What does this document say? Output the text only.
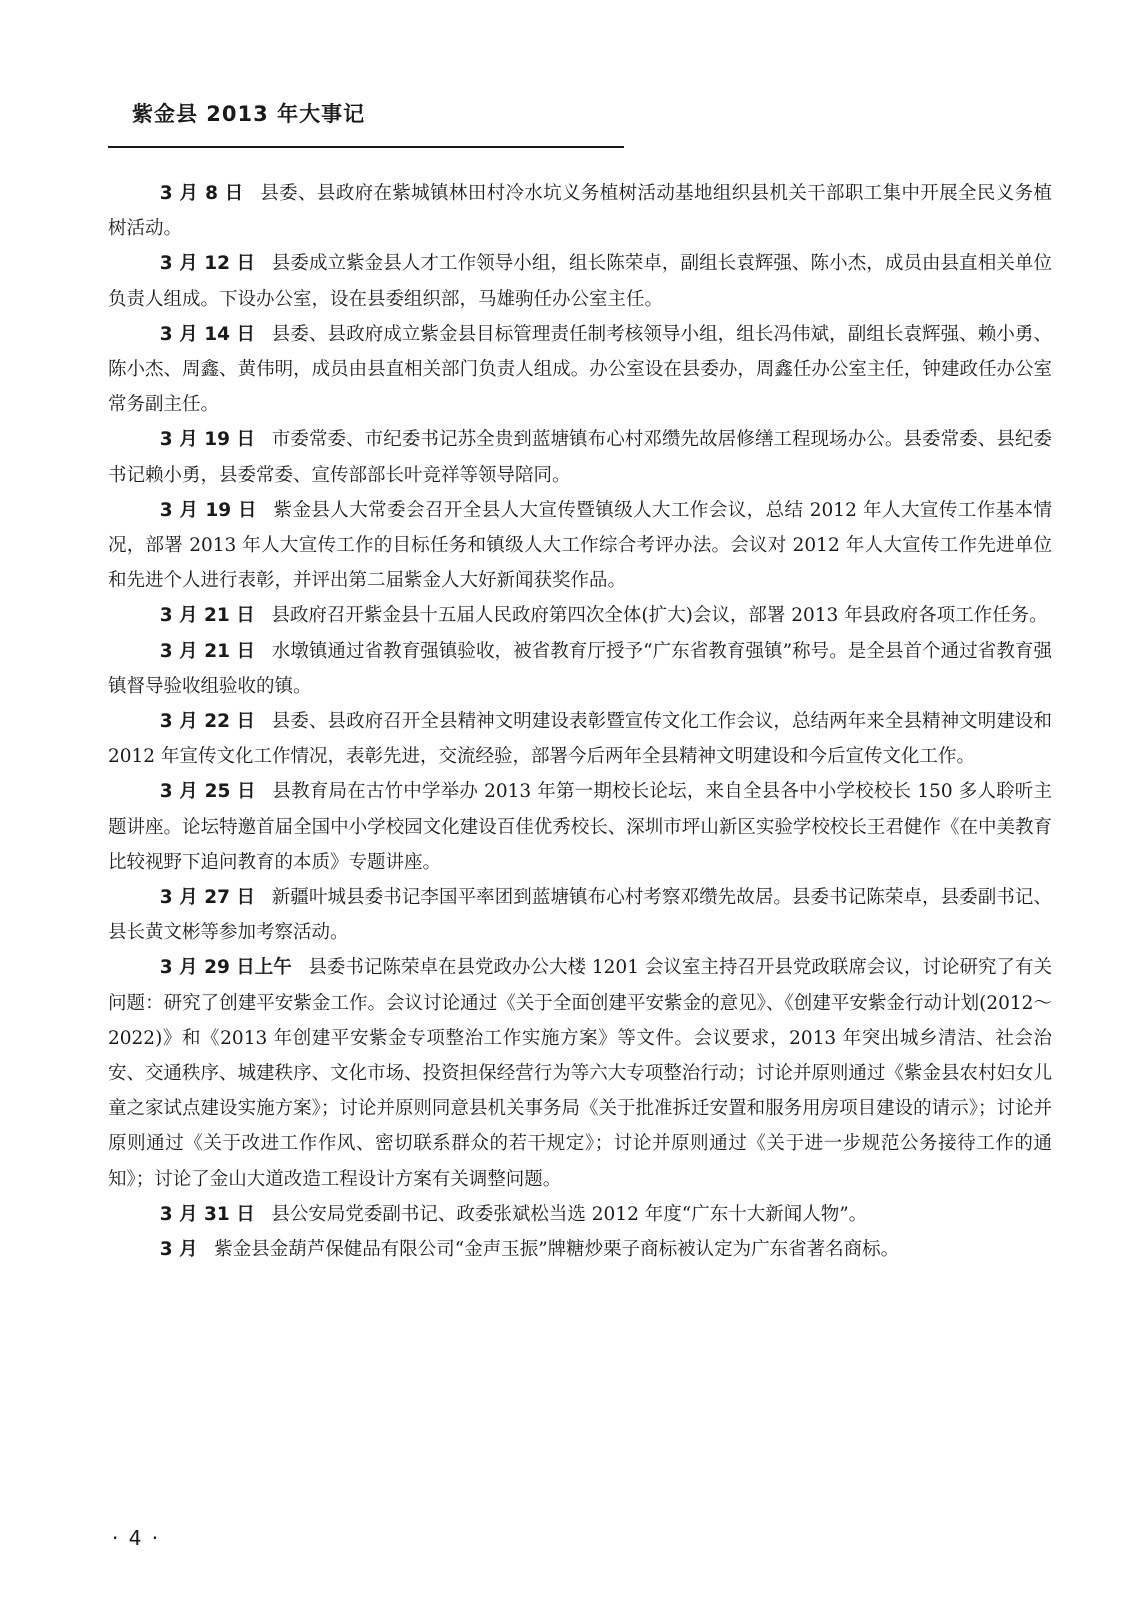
紫金县 2013 年大事记

3 月 8 日 县委、县政府在紫城镇林田村冷水坑义务植树活动基地组织县机关干部职工集中开展全民义务植树活动。

3 月 12 日 县委成立紫金县人才工作领导小组，组长陈荣卓，副组长袁辉强、陈小杰，成员由县直相关单位负责人组成。下设办公室，设在县委组织部，马雄驹任办公室主任。

3 月 14 日 县委、县政府成立紫金县目标管理责任制考核领导小组，组长冯伟斌，副组长袁辉强、赖小勇、陈小杰、周鑫、黄伟明，成员由县直相关部门负责人组成。办公室设在县委办，周鑫任办公室主任，钟建政任办公室常务副主任。

3 月 19 日 市委常委、市纪委书记苏全贵到蓝塘镇布心村邓缵先故居修缮工程现场办公。县委常委、县纪委书记赖小勇，县委常委、宣传部部长叶竞祥等领导陪同。

3 月 19 日 紫金县人大常委会召开全县人大宣传暨镇级人大工作会议，总结 2012 年人大宣传工作基本情况，部署 2013 年人大宣传工作的目标任务和镇级人大工作综合考评办法。会议对 2012 年人大宣传工作先进单位和先进个人进行表彰，并评出第二届紫金人大好新闻获奖作品。

3 月 21 日 县政府召开紫金县十五届人民政府第四次全体(扩大)会议，部署 2013 年县政府各项工作任务。

3 月 21 日 水墩镇通过省教育强镇验收，被省教育厅授予“广东省教育强镇”称号。是全县首个通过省教育强镇督导验收组验收的镇。

3 月 22 日 县委、县政府召开全县精神文明建设表彰暨宣传文化工作会议，总结两年来全县精神文明建设和 2012 年宣传文化工作情况，表彰先进，交流经验，部署今后两年全县精神文明建设和今后宣传文化工作。

3 月 25 日 县教育局在古竹中学举办 2013 年第一期校长论坛，来自全县各中小学校校长 150 多人聆听主题讲座。论坛特邀首届全国中小学校园文化建设百佳优秀校长、深圳市坪山新区实验学校校长王君健作《在中美教育比较视野下追问教育的本质》专题讲座。

3 月 27 日 新疆叶城县委书记李国平率团到蓝塘镇布心村考察邓缵先故居。县委书记陈荣卓，县委副书记、县长黄文彬等参加考察活动。

3 月 29 日上午 县委书记陈荣卓在县党政办公大楼 1201 会议室主持召开县党政联席会议，讨论研究了有关问题：研究了创建平安紫金工作。会议讨论通过《关于全面创建平安紫金的意见》、《创建平安紫金行动计划(2012～2022)》和《2013 年创建平安紫金专项整治工作实施方案》等文件。会议要求，2013 年突出城乡清洁、社会治安、交通秩序、城建秩序、文化市场、投资担保经营行为等六大专项整治行动；讨论并原则通过《紫金县农村妇女儿童之家试点建设实施方案》；讨论并原则同意县机关事务局《关于批准拆迁安置和服务用房项目建设的请示》；讨论并原则通过《关于改进工作作风、密切联系群众的若干规定》；讨论并原则通过《关于进一步规范公务接待工作的通知》；讨论了金山大道改造工程设计方案有关调整问题。

3 月 31 日 县公安局党委副书记、政委张斌松当选 2012 年度“广东十大新闻人物”。

3 月 紫金县金葫芦保健品有限公司“金声玉振”牌糖炒栗子商标被认定为广东省著名商标。

· 4 ·
